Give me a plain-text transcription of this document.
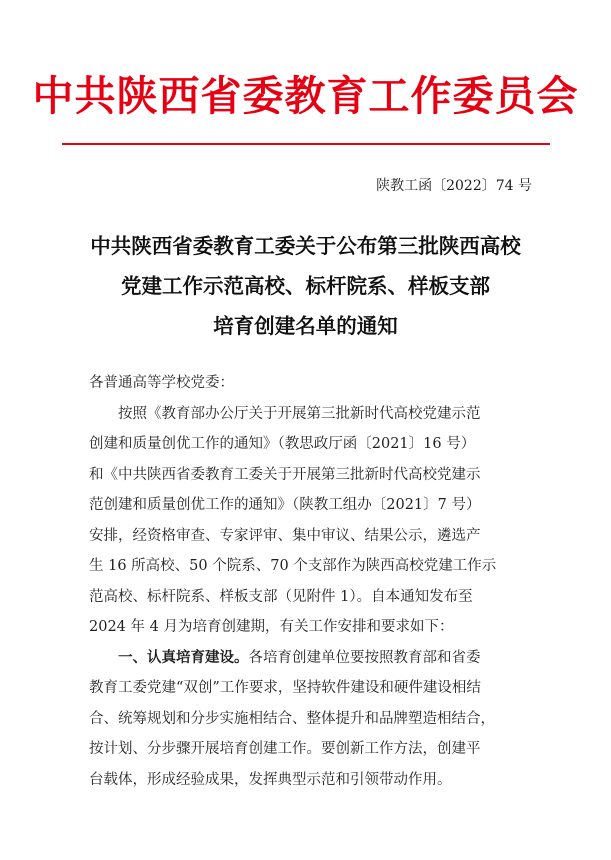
中共陕西省委教育工作委员会
陕教工函〔2022〕74 号
中共陕西省委教育工委关于公布第三批陕西高校
党建工作示范高校、标杆院系、样板支部
培育创建名单的通知
各普通高等学校党委：
按照《教育部办公厅关于开展第三批新时代高校党建示范
创建和质量创优工作的通知》（教思政厅函〔2021〕16 号）
和《中共陕西省委教育工委关于开展第三批新时代高校党建示
范创建和质量创优工作的通知》（陕教工组办〔2021〕7 号）
安排，经资格审查、专家评审、集中审议、结果公示，遴选产
生 16 所高校、50 个院系、70 个支部作为陕西高校党建工作示
范高校、标杆院系、样板支部（见附件 1）。自本通知发布至
2024 年 4 月为培育创建期，有关工作安排和要求如下：
一、认真培育建设。各培育创建单位要按照教育部和省委
教育工委党建“双创”工作要求，坚持软件建设和硬件建设相结
合、统筹规划和分步实施相结合、整体提升和品牌塑造相结合，
按计划、分步骤开展培育创建工作。要创新工作方法，创建平
台载体，形成经验成果，发挥典型示范和引领带动作用。
